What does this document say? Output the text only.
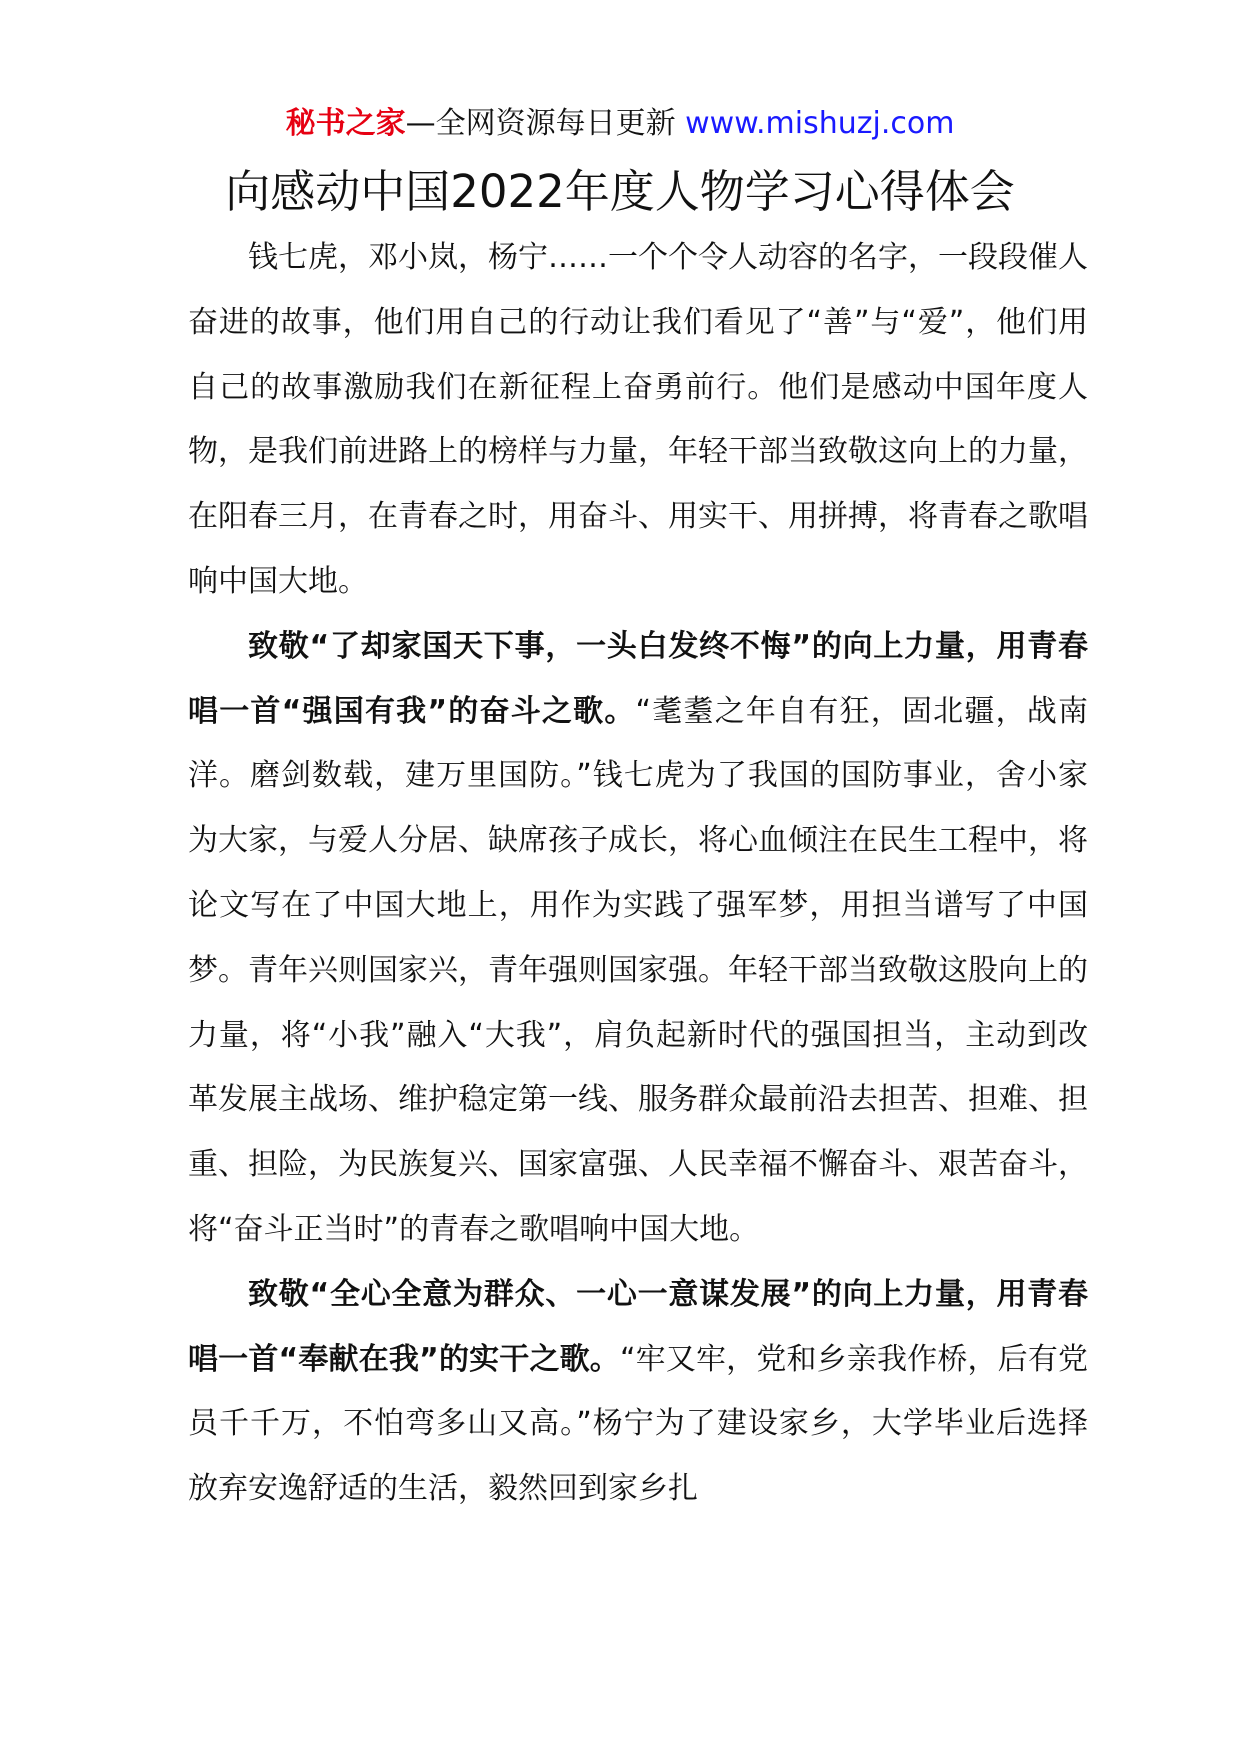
秘书之家—全网资源每日更新 www.mishuzj.com
向感动中国2022年度人物学习心得体会

钱七虎，邓小岚，杨宁……一个个令人动容的名字，一段段催人奋进的故事，他们用自己的行动让我们看见了“善”与“爱”，他们用自己的故事激励我们在新征程上奋勇前行。他们是感动中国年度人物，是我们前进路上的榜样与力量，年轻干部当致敬这向上的力量，在阳春三月，在青春之时，用奋斗、用实干、用拼搏，将青春之歌唱响中国大地。

致敬“了却家国天下事，一头白发终不悔”的向上力量，用青春唱一首“强国有我”的奋斗之歌。“耄耋之年自有狂，固北疆，战南洋。磨剑数载，建万里国防。”钱七虎为了我国的国防事业，舍小家为大家，与爱人分居、缺席孩子成长，将心血倾注在民生工程中，将论文写在了中国大地上，用作为实践了强军梦，用担当谱写了中国梦。青年兴则国家兴，青年强则国家强。年轻干部当致敬这股向上的力量，将“小我”融入“大我”，肩负起新时代的强国担当，主动到改革发展主战场、维护稳定第一线、服务群众最前沿去担苦、担难、担重、担险，为民族复兴、国家富强、人民幸福不懈奋斗、艰苦奋斗，将“奋斗正当时”的青春之歌唱响中国大地。

致敬“全心全意为群众、一心一意谋发展”的向上力量，用青春唱一首“奉献在我”的实干之歌。“牢又牢，党和乡亲我作桥，后有党员千千万，不怕弯多山又高。”杨宁为了建设家乡，大学毕业后选择放弃安逸舒适的生活，毅然回到家乡扎
